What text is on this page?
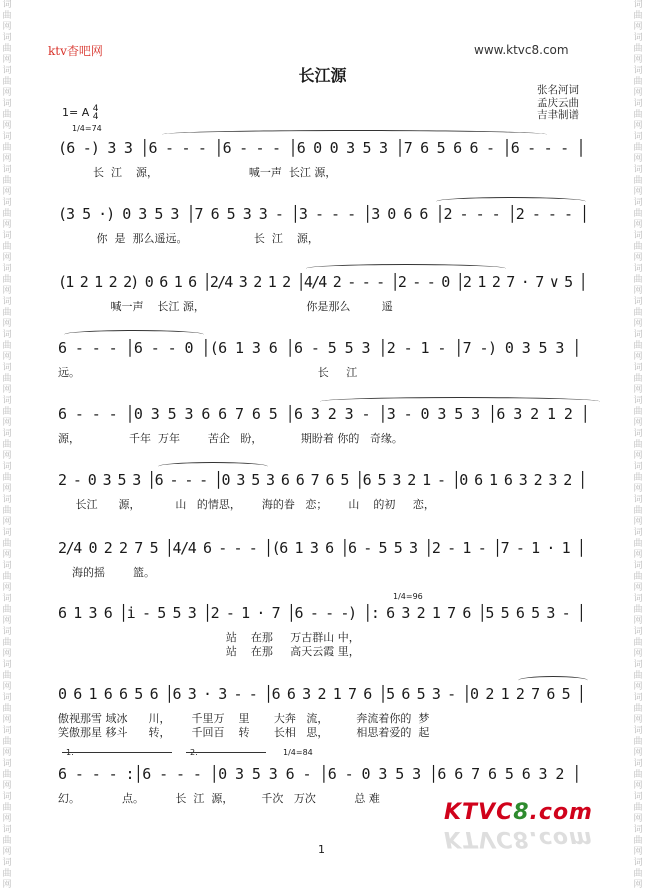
词
曲
网
词
曲
网
词
曲
网
词
曲
网
词
曲
网
词
曲
网
词
曲
网
词
曲
网
词
曲
网
词
曲
网
词
曲
网
词
曲
网
词
曲
网
词
曲
网
词
曲
网
词
曲
网
词
曲
网
词
曲
网
词
曲
网
词
曲
网
词
曲
网
词
曲
网
词
曲
网
词
曲
网
词
曲
网
词
曲
网
词
曲
网
词
曲
网
词
曲
网
词
曲
网
词
曲
网
词
曲
网
词
曲
网
词
曲
网
词
曲
网
词
曲
网
词
曲
网
词
曲
网
词
曲
网
词
曲
网
词
曲
网
词
曲
网
词
曲
网
词
曲
网
词
曲
网
词
曲
网
词
曲
网
词
曲
网
词
曲
网
词
曲
网
词
曲
网
词
曲
网
词
曲
网
词
曲
网
ktv杳吧网	www.ktvc8.com
长江源
张名河词
孟庆云曲
吉聿制谱
1= A 4
4
1/4=74
(6 -) 3 3 │6 - - - │6 - - - │6 0 0 3 5 3 │7 6 5 6 6 - │6 - - - │
长  江    源，                          喊一声  长江 源，
(3 5 ·) 0 3 5 3 │7 6 5 3 3 - │3 - - - │3 0 6 6 │2 - - - │2 - - - │
你  是  那么遥远。                   长  江    源，
(1 2 1 2 2) 0 6 1 6 │2/4 3 2 1 2 │4/4 2 - - - │2 - - 0 │2 1 2 7 · 7 ∨ 5 │
喊一声    长江 源，                             你是那么         遥
6 - - - │6 - - 0 │(6 1 3 6 │6 - 5 5 3 │2 - 1 - │7 -) 0 3 5 3 │
远。                                                                    长     江
6 - - - │0 3 5 3 6 6 7 6 5 │6 3 2 3 - │3 - 0 3 5 3 │6 3 2 1 2 │
源，              千年  万年        苦企   盼，           期盼着 你的   奇缘。
2 - 0 3 5 3 │6 - - - │0 3 5 3 6 6 7 6 5 │6 5 3 2 1 - │0 6 1 6 3 2 3 2 │
长江      源，          山   的情思，      海的眷   恋；      山    的初     恋，
2/4 0 2 2 7 5 │4/4 6 - - - │(6 1 3 6 │6 - 5 5 3 │2 - 1 - │7 - 1 · 1 │
海的摇        篮。
1/4=96
6 1 3 6 │i - 5 5 3 │2 - 1 · 7 │6 - - -) │: 6 3 2 1 7 6 │5 5 6 5 3 - │
站    在那     万古群山 中，
站    在那     高天云霞 里，
0 6 1 6 6 5 6 │6 3 · 3 - - │6 6 3 2 1 7 6 │5 6 5 3 - │0 2 1 2 7 6 5 │
傲视那雪 域冰      川，      千里万    里       大奔   流，        奔流着你的  梦
笑傲那星 移斗      转，      千回百    转       长相   思，        相思着爱的  起
1.	2.	1/4=84
6 - - - :│6 - - - │0 3 5 3 6 - │6 - 0 3 5 3 │6 6 7 6 5 6 3 2 │
幻。            点。         长  江  源，        千次   万次           总 难
KTVC8.com
KTVC8.com
1
